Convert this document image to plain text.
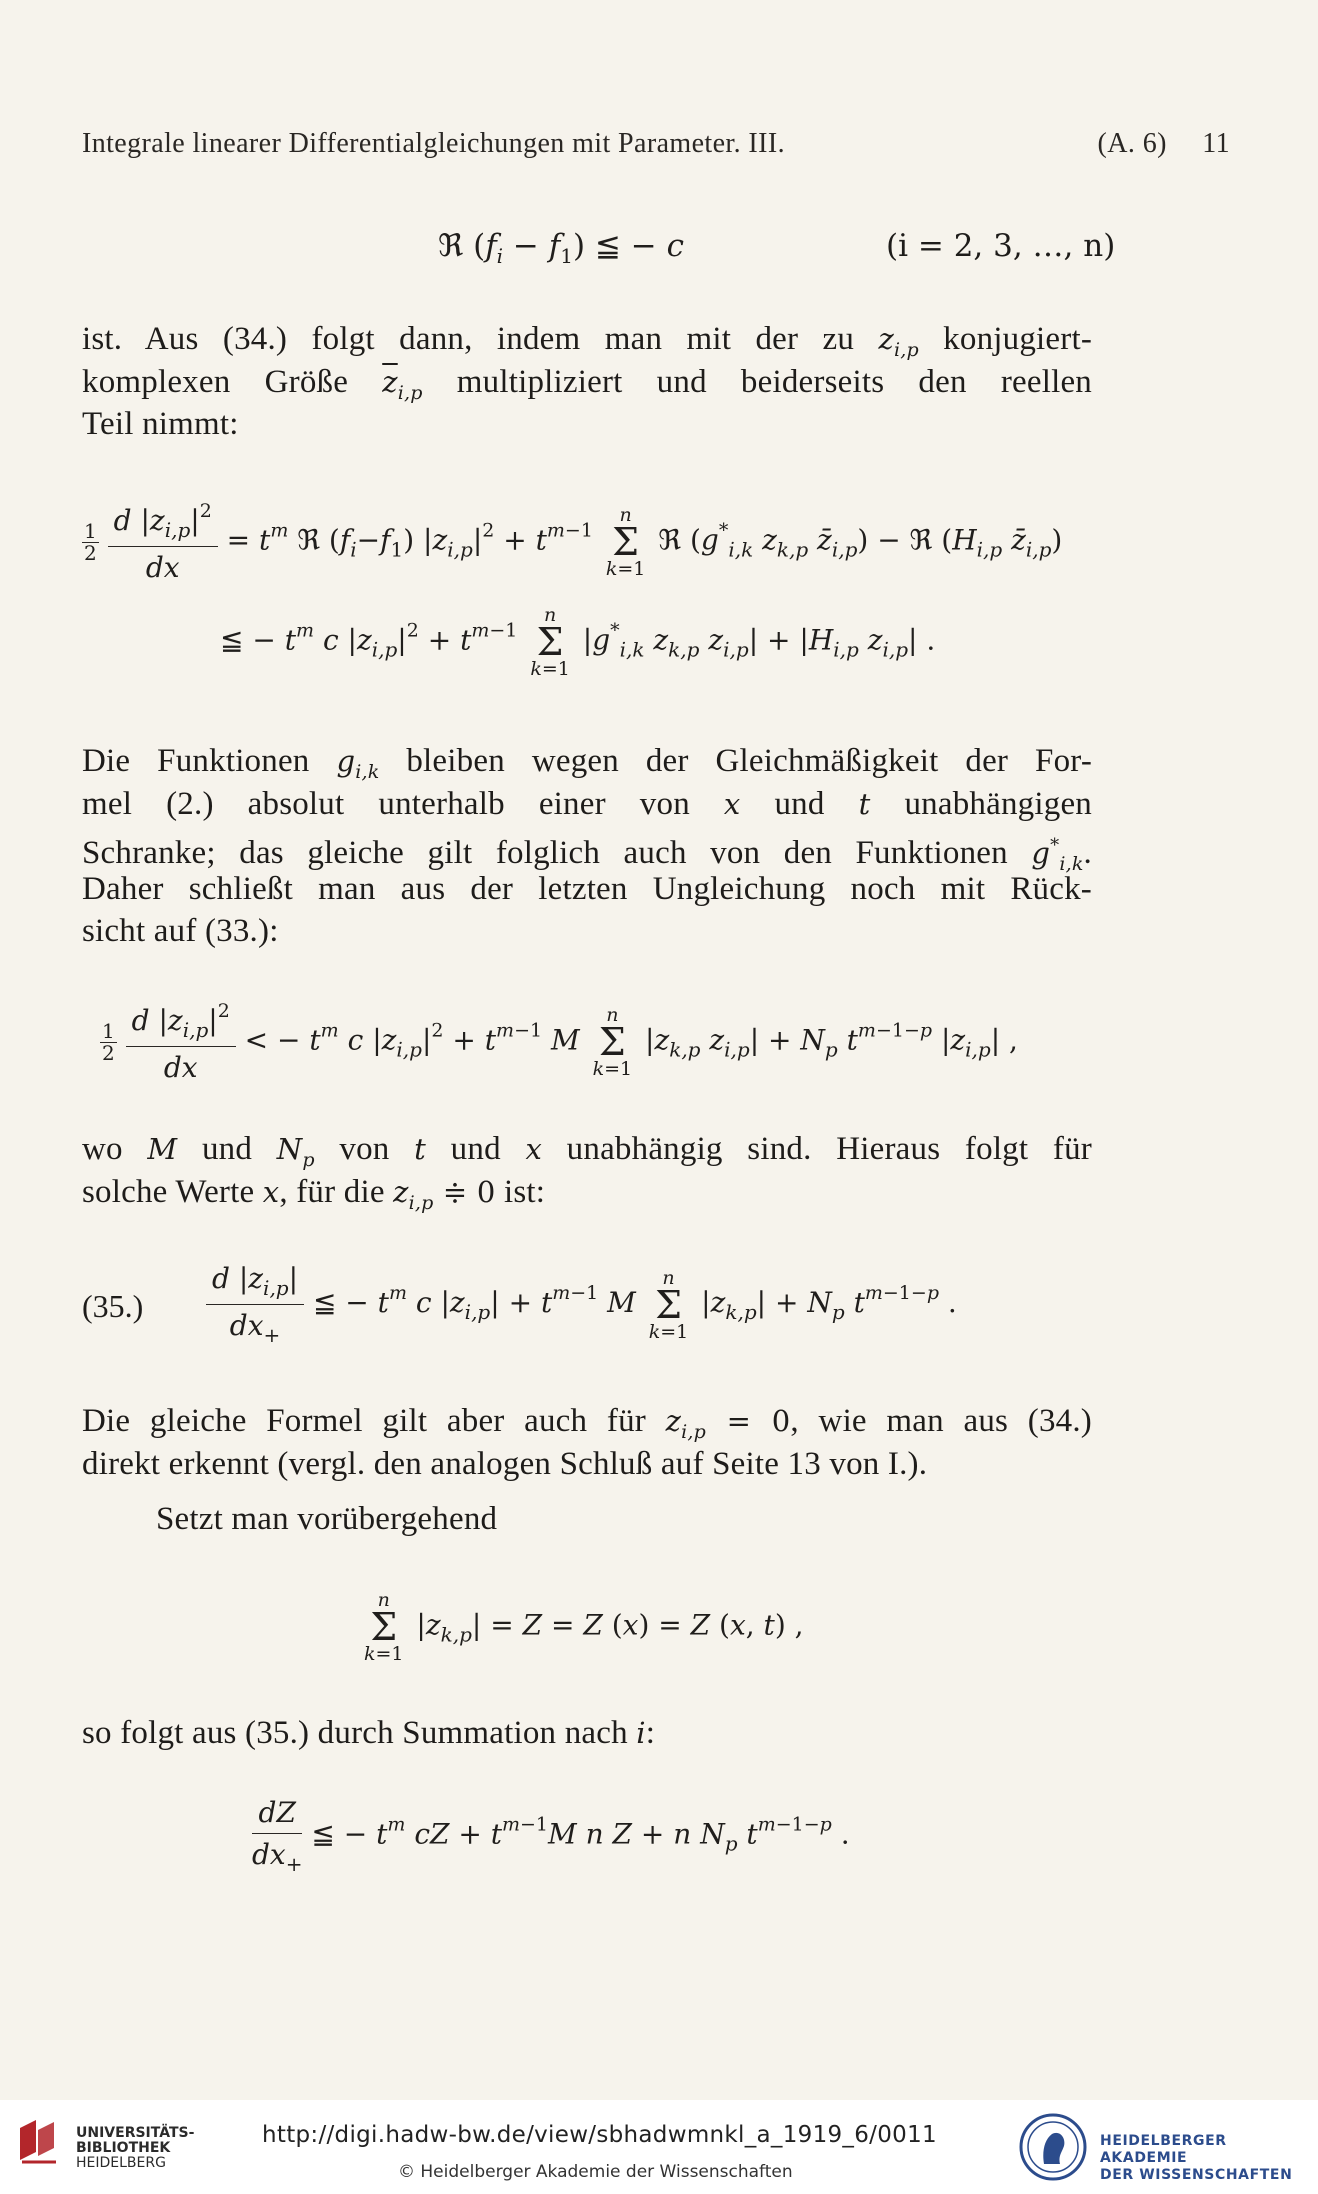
Integrale linearer Differentialgleichungen mit Parameter. III.	(A. 6) 11
ℜ $(f_i - f_1)$ ≦ − c	(i = 2, 3, …, n)
ist. Aus (34.) folgt dann, indem man mit der zu $z_{i,p}$ konjugiert-
komplexen Größe $\overline{z}_{i,p}$ multipliziert und beiderseits den reellen
Teil nimmt:
$\frac{1}{2} \frac{d |z_{i,p}|^2}{dx} = t^m$ ℜ $(f_i-f_1) |z_{i,p}|^2 + t^{m-1}$
n
Σ
k=1
ℜ ($g^*_{i,k}$ $z_{k,p}$ $z̄_{i,p}$) − ℜ ($H_{i,p}$ $z̄_{i,p}$)
≦ − $t^m$ c $|z_{i,p}|^2 + t^{m-1}$
n
Σ
k=1
$|g^*_{i,k}$ $z_{k,p}$ $z_{i,p}| + |H_{i,p}$ $z_{i,p}|$ .
Die Funktionen $g_{i,k}$ bleiben wegen der Gleichmäßigkeit der For-
mel (2.) absolut unterhalb einer von x und t unabhängigen
Schranke; das gleiche gilt folglich auch von den Funktionen $g^*_{i,k}$.
Daher schließt man aus der letzten Ungleichung noch mit Rück-
sicht auf (33.):
$\frac{1}{2} \frac{d |z_{i,p}|^2}{dx}$ < − $t^m$ c $|z_{i,p}|^2 + t^{m-1}$ M
n
Σ
k=1
$|z_{k,p}$ $z_{i,p}| + N_p$ $t^{m-1-p}$ $|z_{i,p}|$ ,
wo M und $N_p$ von t und x unabhängig sind. Hieraus folgt für
solche Werte x, für die $z_{i,p}$ ≑ 0 ist:
$(35.) \frac{d |z_{i,p}|}{dx_+}$ ≦ − $t^m$ c $|z_{i,p}| + t^{m-1}$ M
n
Σ
k=1
$|z_{k,p}| + N_p$ $t^{m-1-p}$ .
Die gleiche Formel gilt aber auch für $z_{i,p} = 0$, wie man aus (34.)
direkt erkennt (vergl. den analogen Schluß auf Seite 13 von I.).
Setzt man vorübergehend
n
Σ
k=1
$|z_{k,p}| = Z = Z$ (x) = Z (x, t) ,
so folgt aus (35.) durch Summation nach i:
$\frac{dZ}{dx_+}$ ≦ − $t^m$ cZ + $t^{m-1}M$ n Z + n $N_p$ $t^{m-1-p}$ .
UNIVERSITÄTS-
BIBLIOTHEK
HEIDELBERG
http://digi.hadw-bw.de/view/sbhadwmnkl_a_1919_6/0011
© Heidelberger Akademie der Wissenschaften
HEIDELBERGER AKADEMIE
DER WISSENSCHAFTEN
